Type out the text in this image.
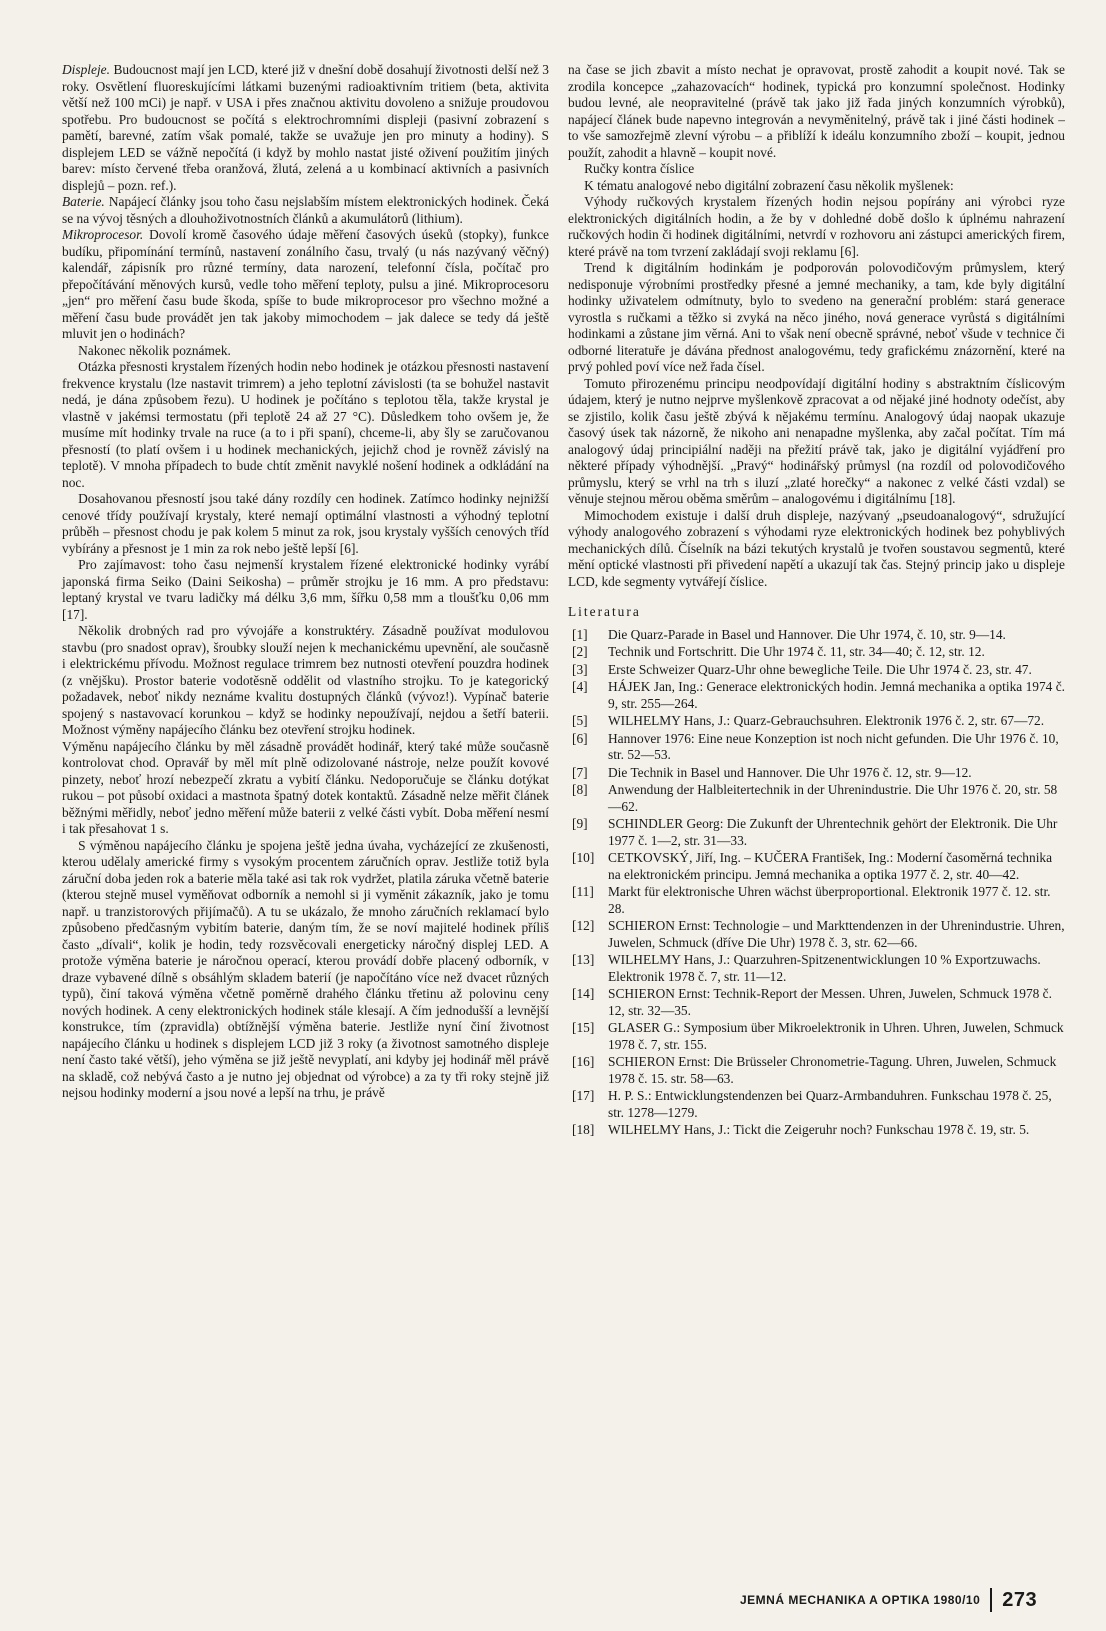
Displeje. Budoucnost mají jen LCD, které již v dnešní době dosahují životnosti delší než 3 roky. Osvětlení fluoreskujícími látkami buzenými radioaktivním tritiem (beta, aktivita větší než 100 mCi) je např. v USA i přes značnou aktivitu dovoleno a snižuje proudovou spotřebu. Pro budoucnost se počítá s elektrochromními displeji (pasivní zobrazení s pamětí, barevné, zatím však pomalé, takže se uvažuje jen pro minuty a hodiny). S displejem LED se vážně nepočítá (i když by mohlo nastat jisté oživení použitím jiných barev: místo červené třeba oranžová, žlutá, zelená a u kombinací aktivních a pasivních displejů – pozn. ref.).

Baterie. Napájecí články jsou toho času nejslabším místem elektronických hodinek. Čeká se na vývoj těsných a dlouhoživotnostních článků a akumulátorů (lithium).

Mikroprocesor. Dovolí kromě časového údaje měření časových úseků (stopky), funkce budíku, připomínání termínů, nastavení zonálního času, trvalý (u nás nazývaný věčný) kalendář, zápisník pro různé termíny, data narození, telefonní čísla, počítač pro přepočítávání měnových kursů, vedle toho měření teploty, pulsu a jiné. Mikroprocesoru „jen“ pro měření času bude škoda, spíše to bude mikroprocesor pro všechno možné a měření času bude provádět jen tak jakoby mimochodem – jak dalece se tedy dá ještě mluvit jen o hodinách?

Nakonec několik poznámek.

Otázka přesnosti krystalem řízených hodin nebo hodinek je otázkou přesnosti nastavení frekvence krystalu (lze nastavit trimrem) a jeho teplotní závislosti (ta se bohužel nastavit nedá, je dána způsobem řezu). U hodinek je počítáno s teplotou těla, takže krystal je vlastně v jakémsi termostatu (při teplotě 24 až 27 °C). Důsledkem toho ovšem je, že musíme mít hodinky trvale na ruce (a to i při spaní), chceme-li, aby šly se zaručovanou přesností (to platí ovšem i u hodinek mechanických, jejichž chod je rovněž závislý na teplotě). V mnoha případech to bude chtít změnit navyklé nošení hodinek a odkládání na noc.

Dosahovanou přesností jsou také dány rozdíly cen hodinek. Zatímco hodinky nejnižší cenové třídy používají krystaly, které nemají optimální vlastnosti a výhodný teplotní průběh – přesnost chodu je pak kolem 5 minut za rok, jsou krystaly vyšších cenových tříd vybírány a přesnost je 1 min za rok nebo ještě lepší [6].

Pro zajímavost: toho času nejmenší krystalem řízené elektronické hodinky vyrábí japonská firma Seiko (Daini Seikosha) – průměr strojku je 16 mm. A pro představu: leptaný krystal ve tvaru ladičky má délku 3,6 mm, šířku 0,58 mm a tloušťku 0,06 mm [17].

Několik drobných rad pro vývojáře a konstruktéry. Zásadně používat modulovou stavbu (pro snadost oprav), šroubky slouží nejen k mechanickému upevnění, ale současně i elektrickému přívodu. Možnost regulace trimrem bez nutnosti otevření pouzdra hodinek (z vnějšku). Prostor baterie vodotěsně oddělit od vlastního strojku. To je kategorický požadavek, neboť nikdy neznáme kvalitu dostupných článků (vývoz!). Vypínač baterie spojený s nastavovací korunkou – když se hodinky nepoužívají, nejdou a šetří baterii. Možnost výměny napájecího článku bez otevření strojku hodinek.

Výměnu napájecího článku by měl zásadně provádět hodinář, který také může současně kontrolovat chod. Opravář by měl mít plně odizolované nástroje, nelze použít kovové pinzety, neboť hrozí nebezpečí zkratu a vybití článku. Nedoporučuje se článku dotýkat rukou – pot působí oxidaci a mastnota špatný dotek kontaktů. Zásadně nelze měřit článek běžnými měřidly, neboť jedno měření může baterii z velké části vybít. Doba měření nesmí i tak přesahovat 1 s.

S výměnou napájecího článku je spojena ještě jedna úvaha, vycházející ze zkušenosti, kterou udělaly americké firmy s vysokým procentem záručních oprav. Jestliže totiž byla záruční doba jeden rok a baterie měla také asi tak rok vydržet, platila záruka včetně baterie (kterou stejně musel vyměňovat odborník a nemohl si ji vyměnit zákazník, jako je tomu např. u tranzistorových přijímačů). A tu se ukázalo, že mnoho záručních reklamací bylo způsobeno předčasným vybitím baterie, daným tím, že se noví majitelé hodinek příliš často „dívali“, kolik je hodin, tedy rozsvěcovali energeticky náročný displej LED. A protože výměna baterie je náročnou operací, kterou provádí dobře placený odborník, v draze vybavené dílně s obsáhlým skladem baterií (je napočítáno více než dvacet různých typů), činí taková výměna včetně poměrně drahého článku třetinu až polovinu ceny nových hodinek. A ceny elektronických hodinek stále klesají. A čím jednodušší a levnější konstrukce, tím (zpravidla) obtížnější výměna baterie. Jestliže nyní činí životnost napájecího článku u hodinek s displejem LCD již 3 roky (a životnost samotného displeje není často také větší), jeho výměna se již ještě nevyplatí, ani kdyby jej hodinář měl právě na skladě, což nebývá často a je nutno jej objednat od výrobce) a za ty tři roky stejně již nejsou hodinky moderní a jsou nové a lepší na trhu, je právě

na čase se jich zbavit a místo nechat je opravovat, prostě zahodit a koupit nové. Tak se zrodila koncepce „zahazovacích“ hodinek, typická pro konzumní společnost. Hodinky budou levné, ale neopravitelné (právě tak jako již řada jiných konzumních výrobků), napájecí článek bude napevno integrován a nevyměnitelný, právě tak i jiné části hodinek – to vše samozřejmě zlevní výrobu – a přiblíží k ideálu konzumního zboží – koupit, jednou použít, zahodit a hlavně – koupit nové.

Ručky kontra číslice

K tématu analogové nebo digitální zobrazení času několik myšlenek:

Výhody ručkových krystalem řízených hodin nejsou popírány ani výrobci ryze elektronických digitálních hodin, a že by v dohledné době došlo k úplnému nahrazení ručkových hodin či hodinek digitálními, netvrdí v rozhovoru ani zástupci amerických firem, které právě na tom tvrzení zakládají svoji reklamu [6].

Trend k digitálním hodinkám je podporován polovodičovým průmyslem, který nedisponuje výrobními prostředky přesné a jemné mechaniky, a tam, kde byly digitální hodinky uživatelem odmítnuty, bylo to svedeno na generační problém: stará generace vyrostla s ručkami a těžko si zvyká na něco jiného, nová generace vyrůstá s digitálními hodinkami a zůstane jim věrná. Ani to však není obecně správné, neboť všude v technice či odborné literatuře je dávána přednost analogovému, tedy grafickému znázornění, které na prvý pohled poví více než řada čísel.

Tomuto přirozenému principu neodpovídají digitální hodiny s abstraktním číslicovým údajem, který je nutno nejprve myšlenkově zpracovat a od nějaké jiné hodnoty odečíst, aby se zjistilo, kolik času ještě zbývá k nějakému termínu. Analogový údaj naopak ukazuje časový úsek tak názorně, že nikoho ani nenapadne myšlenka, aby začal počítat. Tím má analogový údaj principiální naději na přežití právě tak, jako je digitální vyjádření pro některé případy výhodnější. „Pravý“ hodinářský průmysl (na rozdíl od polovodičového průmyslu, který se vrhl na trh s iluzí „zlaté horečky“ a nakonec z velké části vzdal) se věnuje stejnou měrou oběma směrům – analogovému i digitálnímu [18].

Mimochodem existuje i další druh displeje, nazývaný „pseudoanalogový“, sdružující výhody analogového zobrazení s výhodami ryze elektronických hodinek bez pohyblivých mechanických dílů. Číselník na bázi tekutých krystalů je tvořen soustavou segmentů, které mění optické vlastnosti při přivedení napětí a ukazují tak čas. Stejný princip jako u displeje LCD, kde segmenty vytvářejí číslice.

Literatura
[1] Die Quarz-Parade in Basel und Hannover. Die Uhr 1974, č. 10, str. 9—14.
[2] Technik und Fortschritt. Die Uhr 1974 č. 11, str. 34—40; č. 12, str. 12.
[3] Erste Schweizer Quarz-Uhr ohne bewegliche Teile. Die Uhr 1974 č. 23, str. 47.
[4] HÁJEK Jan, Ing.: Generace elektronických hodin. Jemná mechanika a optika 1974 č. 9, str. 255—264.
[5] WILHELMY Hans, J.: Quarz-Gebrauchsuhren. Elektronik 1976 č. 2, str. 67—72.
[6] Hannover 1976: Eine neue Konzeption ist noch nicht gefunden. Die Uhr 1976 č. 10, str. 52—53.
[7] Die Technik in Basel und Hannover. Die Uhr 1976 č. 12, str. 9—12.
[8] Anwendung der Halbleitertechnik in der Uhrenindustrie. Die Uhr 1976 č. 20, str. 58—62.
[9] SCHINDLER Georg: Die Zukunft der Uhrentechnik gehört der Elektronik. Die Uhr 1977 č. 1—2, str. 31—33.
[10] CETKOVSKÝ, Jiří, Ing. – KUČERA František, Ing.: Moderní časoměrná technika na elektronickém principu. Jemná mechanika a optika 1977 č. 2, str. 40—42.
[11] Markt für elektronische Uhren wächst überproportional. Elektronik 1977 č. 12. str. 28.
[12] SCHIERON Ernst: Technologie – und Markttendenzen in der Uhrenindustrie. Uhren, Juwelen, Schmuck (dříve Die Uhr) 1978 č. 3, str. 62—66.
[13] WILHELMY Hans, J.: Quarzuhren-Spitzenentwicklungen 10 % Exportzuwachs. Elektronik 1978 č. 7, str. 11—12.
[14] SCHIERON Ernst: Technik-Report der Messen. Uhren, Juwelen, Schmuck 1978 č. 12, str. 32—35.
[15] GLASER G.: Symposium über Mikroelektronik in Uhren. Uhren, Juwelen, Schmuck 1978 č. 7, str. 155.
[16] SCHIERON Ernst: Die Brüsseler Chronometrie-Tagung. Uhren, Juwelen, Schmuck 1978 č. 15. str. 58—63.
[17] H. P. S.: Entwicklungstendenzen bei Quarz-Armbanduhren. Funkschau 1978 č. 25, str. 1278—1279.
[18] WILHELMY Hans, J.: Tickt die Zeigeruhr noch? Funkschau 1978 č. 19, str. 5.
JEMNÁ MECHANIKA A OPTIKA 1980/10 273
